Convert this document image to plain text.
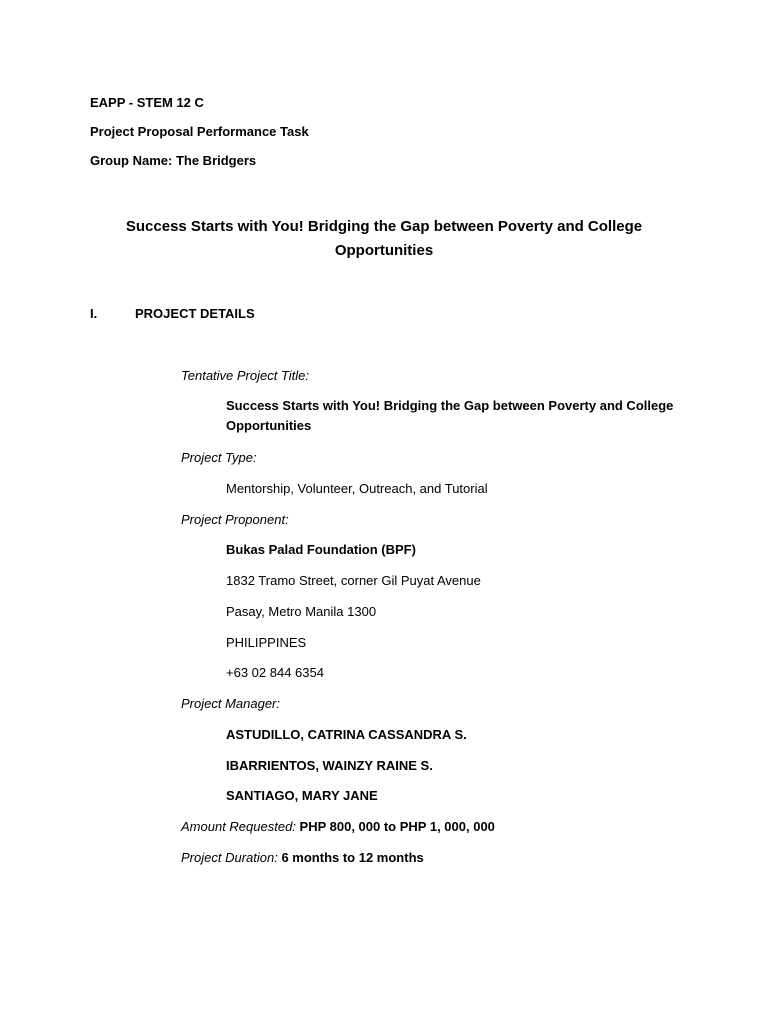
EAPP - STEM 12 C
Project Proposal Performance Task
Group Name: The Bridgers
Success Starts with You! Bridging the Gap between Poverty and College Opportunities
I.	PROJECT DETAILS
Tentative Project Title:
Success Starts with You! Bridging the Gap between Poverty and College Opportunities
Project Type:
Mentorship, Volunteer, Outreach, and Tutorial
Project Proponent:
Bukas Palad Foundation (BPF)
1832 Tramo Street, corner Gil Puyat Avenue
Pasay, Metro Manila 1300
PHILIPPINES
+63 02 844 6354
Project Manager:
ASTUDILLO, CATRINA CASSANDRA S.
IBARRIENTOS, WAINZY RAINE S.
SANTIAGO, MARY JANE
Amount Requested: PHP 800, 000 to PHP 1, 000, 000
Project Duration: 6 months to 12 months
